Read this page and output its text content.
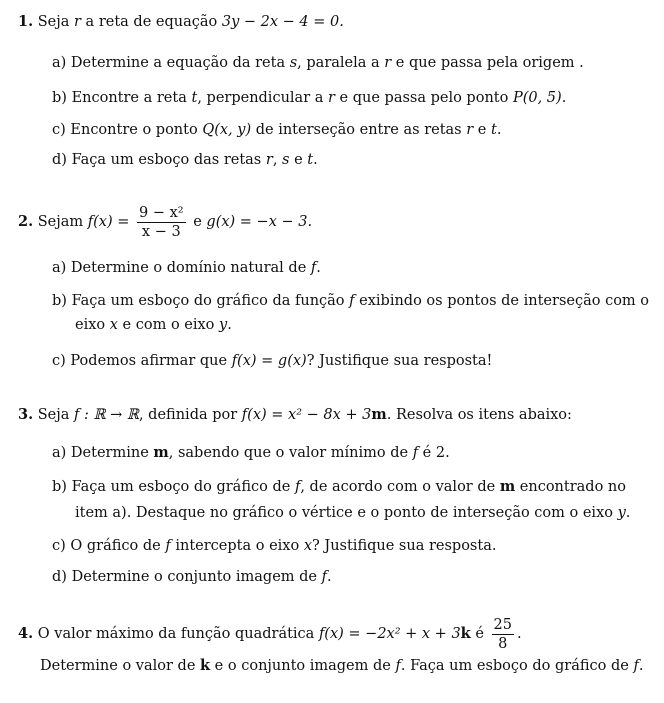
1. Seja r a reta de equação 3y − 2x − 4 = 0.
a) Determine a equação da reta s, paralela a r e que passa pela origem .
b) Encontre a reta t, perpendicular a r e que passa pelo ponto P(0, 5).
c) Encontre o ponto Q(x, y) de interseção entre as retas r e t.
d) Faça um esboço das retas r, s e t.
2. Sejam $f(x) = \frac{\text{9 − x²}}{x - 3}$ e g(x) = −x − 3.
a) Determine o domínio natural de f.
b) Faça um esboço do gráfico da função f exibindo os pontos de interseção com o
eixo x e com o eixo y.
c) Podemos afirmar que f(x) = g(x)? Justifique sua resposta!
3. Seja f : ℝ → ℝ, definida por f(x) = x² − 8x + 3m. Resolva os itens abaixo:
a) Determine m, sabendo que o valor mínimo de f é 2.
b) Faça um esboço do gráfico de f, de acordo com o valor de m encontrado no
item a). Destaque no gráfico o vértice e o ponto de interseção com o eixo y.
c) O gráfico de f intercepta o eixo x? Justifique sua resposta.
d) Determine o conjunto imagem de f.
4. O valor máximo da função quadrática f(x) = −2x² + x + 3k é $\frac{25}{8}$ .
Determine o valor de k e o conjunto imagem de f. Faça um esboço do gráfico de f.
